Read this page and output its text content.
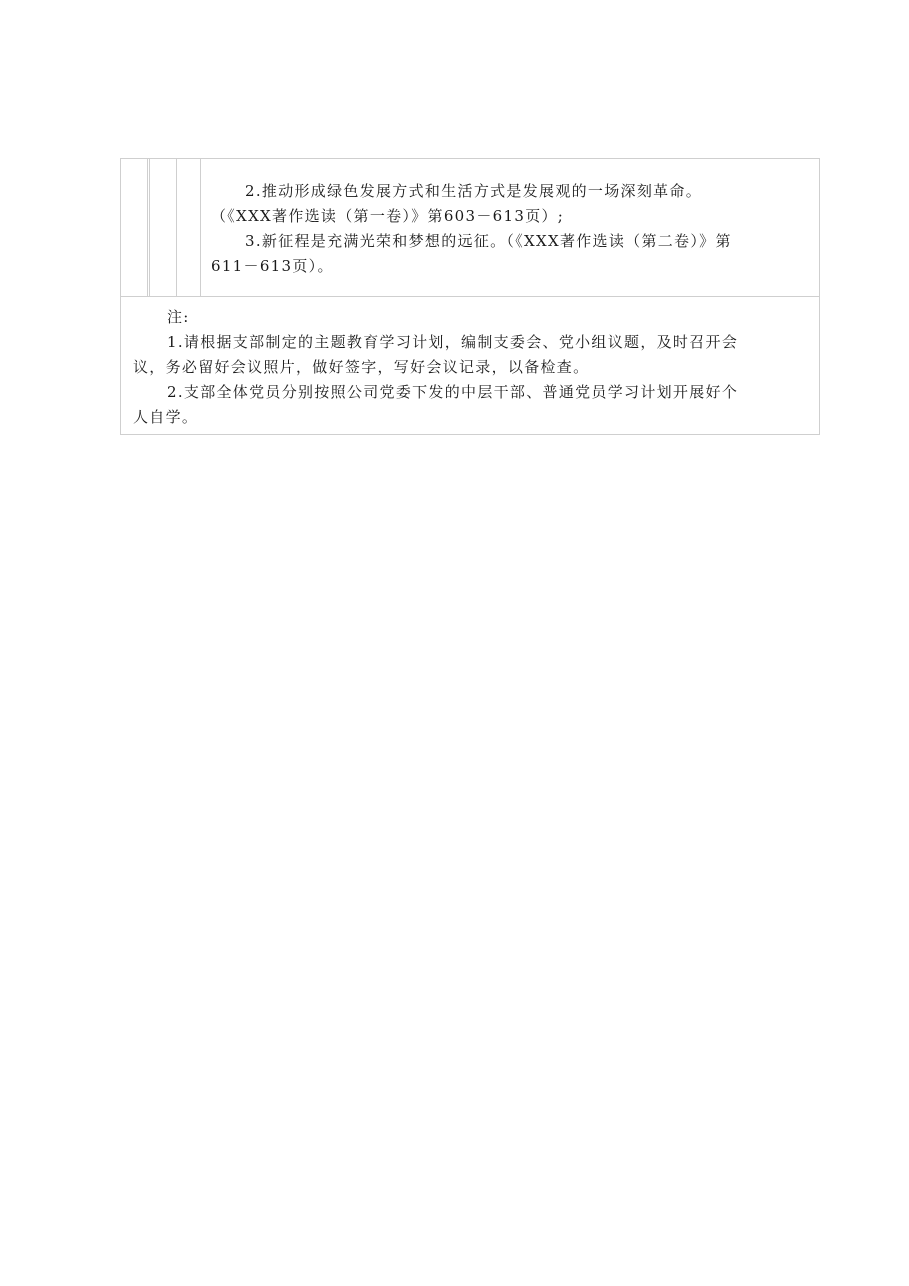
2.推动形成绿色发展方式和生活方式是发展观的一场深刻革命。

（《XXX著作选读（第一卷）》第603－613页）;

3.新征程是充满光荣和梦想的远征。（《XXX著作选读（第二卷）》第

611－613页）。

注:

1.请根据支部制定的主题教育学习计划，编制支委会、党小组议题，及时召开会

议，务必留好会议照片，做好签字，写好会议记录，以备检查。

2.支部全体党员分别按照公司党委下发的中层干部、普通党员学习计划开展好个

人自学。
